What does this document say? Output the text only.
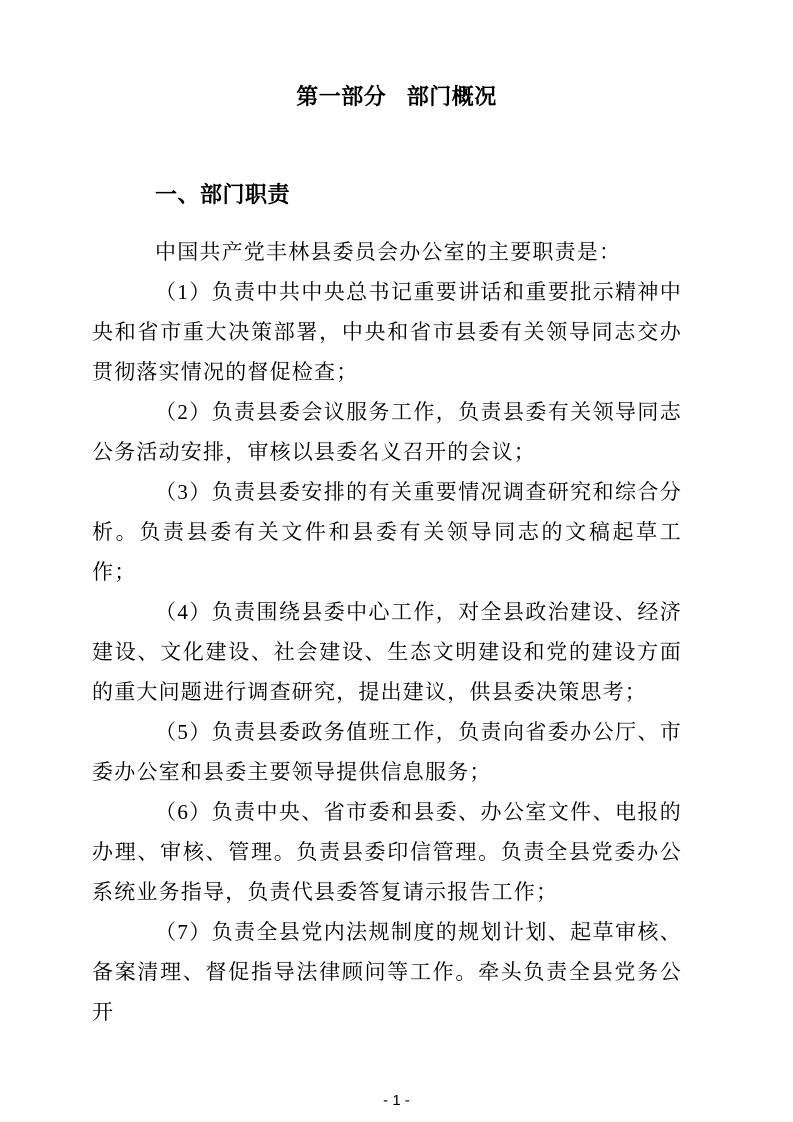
第一部分 部门概况
一、部门职责

中国共产党丰林县委员会办公室的主要职责是：

（1）负责中共中央总书记重要讲话和重要批示精神中央和省市重大决策部署，中央和省市县委有关领导同志交办贯彻落实情况的督促检查；

（2）负责县委会议服务工作，负责县委有关领导同志公务活动安排，审核以县委名义召开的会议；

（3）负责县委安排的有关重要情况调查研究和综合分析。负责县委有关文件和县委有关领导同志的文稿起草工作；

（4）负责围绕县委中心工作，对全县政治建设、经济建设、文化建设、社会建设、生态文明建设和党的建设方面的重大问题进行调查研究，提出建议，供县委决策思考；

（5）负责县委政务值班工作，负责向省委办公厅、市委办公室和县委主要领导提供信息服务；

（6）负责中央、省市委和县委、办公室文件、电报的办理、审核、管理。负责县委印信管理。负责全县党委办公系统业务指导，负责代县委答复请示报告工作；

（7）负责全县党内法规制度的规划计划、起草审核、备案清理、督促指导法律顾问等工作。牵头负责全县党务公开

- 1 -
